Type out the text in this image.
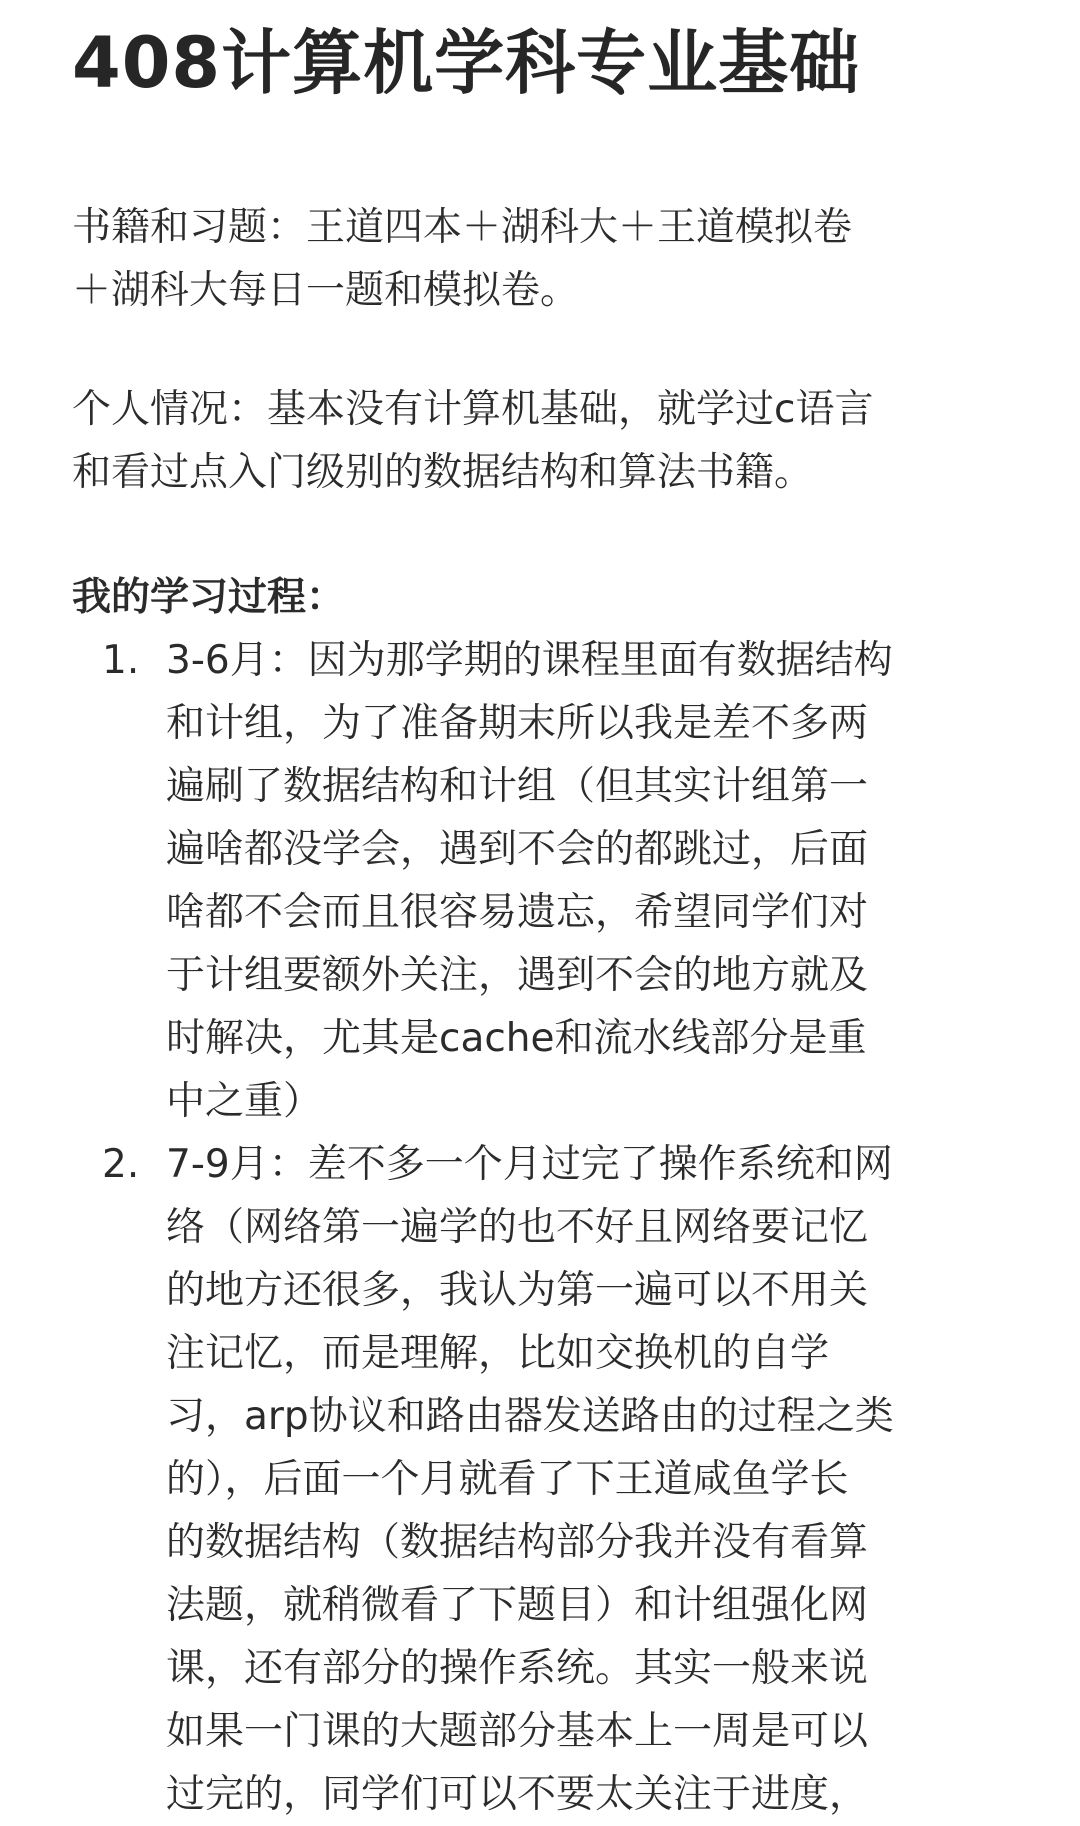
408计算机学科专业基础

书籍和习题：王道四本＋湖科大＋王道模拟卷
＋湖科大每日一题和模拟卷。

个人情况：基本没有计算机基础，就学过c语言
和看过点入门级别的数据结构和算法书籍。

我的学习过程：
1. 3-6月：因为那学期的课程里面有数据结构
和计组，为了准备期末所以我是差不多两
遍刷了数据结构和计组（但其实计组第一
遍啥都没学会，遇到不会的都跳过，后面
啥都不会而且很容易遗忘，希望同学们对
于计组要额外关注，遇到不会的地方就及
时解决，尤其是cache和流水线部分是重
中之重）
2. 7-9月：差不多一个月过完了操作系统和网
络（网络第一遍学的也不好且网络要记忆
的地方还很多，我认为第一遍可以不用关
注记忆，而是理解，比如交换机的自学
习，arp协议和路由器发送路由的过程之类
的），后面一个月就看了下王道咸鱼学长
的数据结构（数据结构部分我并没有看算
法题，就稍微看了下题目）和计组强化网
课，还有部分的操作系统。其实一般来说
如果一门课的大题部分基本上一周是可以
过完的，同学们可以不要太关注于进度，
